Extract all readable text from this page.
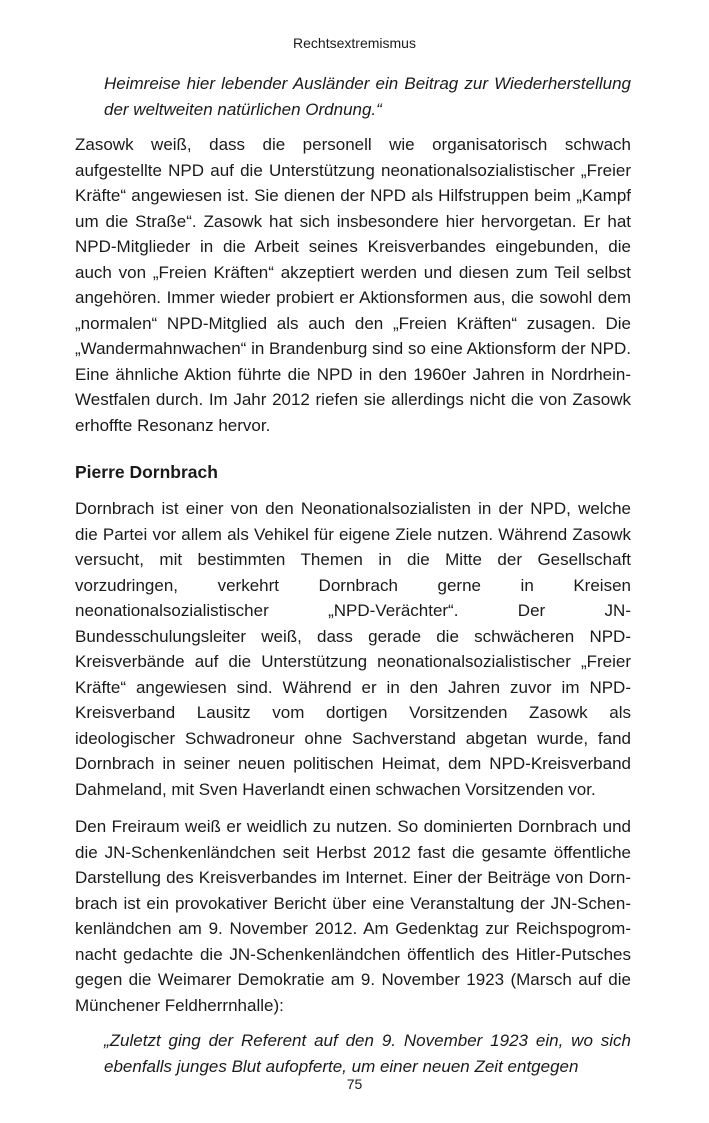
Rechtsextremismus

Heimreise hier lebender Ausländer ein Beitrag zur Wiederherstellung der weltweiten natürlichen Ordnung.“

Zasowk weiß, dass die personell wie organisatorisch schwach aufgestellte NPD auf die Unterstützung neonationalsozialistischer „Freier Kräfte“ angewiesen ist. Sie dienen der NPD als Hilfstruppen beim „Kampf um die Straße“. Zasowk hat sich insbesondere hier hervorgetan. Er hat NPD-Mitglieder in die Arbeit seines Kreisverbandes eingebunden, die auch von „Freien Kräften“ akzeptiert werden und diesen zum Teil selbst angehören. Immer wieder probiert er Aktionsformen aus, die sowohl dem „normalen“ NPD-Mitglied als auch den „Freien Kräften“ zusagen. Die „Wandermahnwachen“ in Brandenburg sind so eine Aktionsform der NPD. Eine ähnliche Aktion führte die NPD in den 1960er Jahren in Nordrhein-Westfalen durch. Im Jahr 2012 riefen sie allerdings nicht die von Zasowk erhoffte Resonanz hervor.

Pierre Dornbrach

Dornbrach ist einer von den Neonationalsozialisten in der NPD, welche die Partei vor allem als Vehikel für eigene Ziele nutzen. Während Zasowk versucht, mit bestimmten Themen in die Mitte der Gesellschaft vorzudringen, verkehrt Dornbrach gerne in Kreisen neonationalsozialistischer „NPD-Verächter“. Der JN-Bundesschulungsleiter weiß, dass gerade die schwächeren NPD-Kreisverbände auf die Unterstützung neonationalsozialistischer „Freier Kräfte“ angewiesen sind. Während er in den Jahren zuvor im NPD-Kreisverband Lausitz vom dortigen Vorsitzenden Zasowk als ideologischer Schwadroneur ohne Sachverstand abgetan wurde, fand Dornbrach in seiner neuen politischen Heimat, dem NPD-Kreisverband Dahmeland, mit Sven Haverlandt einen schwachen Vorsitzenden vor.

Den Freiraum weiß er weidlich zu nutzen. So dominierten Dornbrach und die JN-Schenkenländchen seit Herbst 2012 fast die gesamte öffentliche Darstellung des Kreisverbandes im Internet. Einer der Beiträge von Dornbrach ist ein provokativer Bericht über eine Veranstaltung der JN-Schenkenländchen am 9. November 2012. Am Gedenktag zur Reichspogromnacht gedachte die JN-Schenkenländchen öffentlich des Hitler-Putsches gegen die Weimarer Demokratie am 9. November 1923 (Marsch auf die Münchener Feldherrnhalle):

„Zuletzt ging der Referent auf den 9. November 1923 ein, wo sich ebenfalls junges Blut aufopferte, um einer neuen Zeit entgegen

75
